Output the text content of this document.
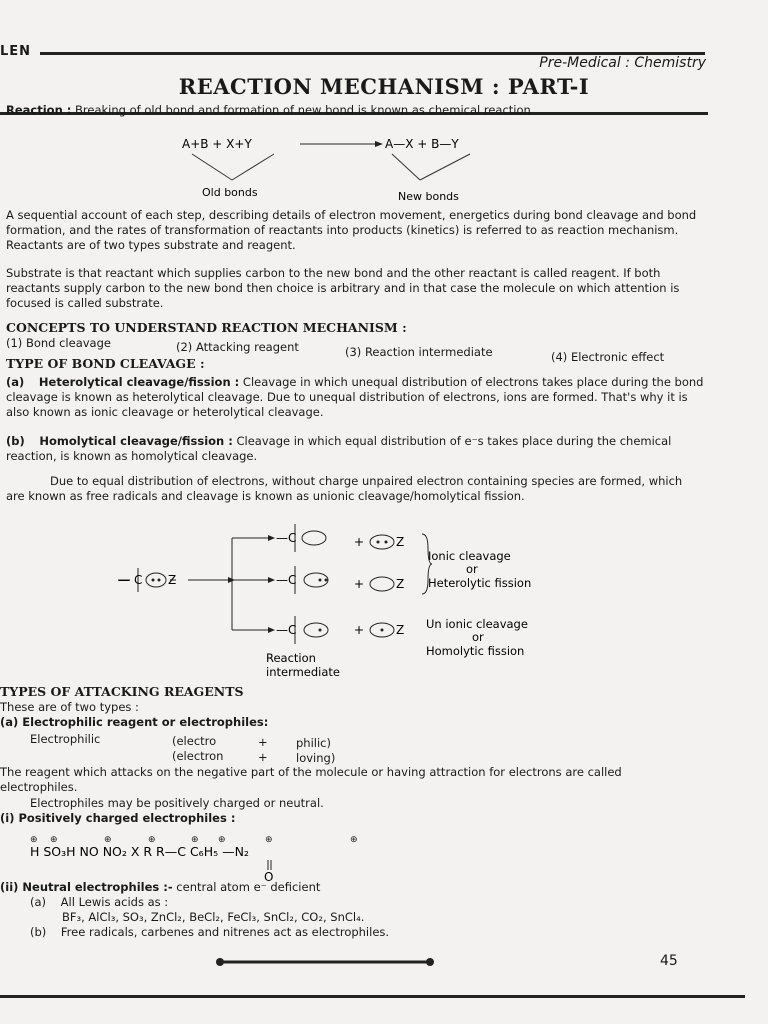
LEN
Pre-Medical : Chemistry
REACTION MECHANISM : PART-I
Reaction : Breaking of old bond and formation of new bond is known as chemical reaction
A+B + X+Y	A—X + B—Y
Old bonds	New bonds
A sequential account of each step, describing details of electron movement, energetics during bond cleavage and bond formation, and the rates of transformation of reactants into products (kinetics) is referred to as reaction mechanism. Reactants are of two types substrate and reagent.
Substrate is that reactant which supplies carbon to the new bond and the other reactant is called reagent. If both reactants supply carbon to the new bond then choice is arbitrary and in that case the molecule on which attention is focused is called substrate.
CONCEPTS TO UNDERSTAND REACTION MECHANISM :
(1) Bond cleavage	(2) Attacking reagent	(3) Reaction intermediate	(4) Electronic effect
TYPE OF BOND CLEAVAGE :
(a) Heterolytical cleavage/fission : Cleavage in which unequal distribution of electrons takes place during the bond cleavage is known as heterolytical cleavage. Due to unequal distribution of electrons, ions are formed. That's why it is also known as ionic cleavage or heterolytical cleavage.
(b) Homolytical cleavage/fission : Cleavage in which equal distribution of e⁻s takes place during the chemical reaction, is known as homolytical cleavage.
Due to equal distribution of electrons, without charge unpaired electron containing species are formed, which are known as free radicals and cleavage is known as unionic cleavage/homolytical fission.
— C Z
—C
—C
—C
+
+
+
Z
Z
Z
Ionic cleavage
or
Heterolytic fission
Un ionic cleavage
or
Homolytic fission
Reaction
intermediate
TYPES OF ATTACKING REAGENTS
These are of two types :
(a) Electrophilic reagent or electrophiles:
Electrophilic	(electro	+ philic)
(electron	+ loving)
The reagent which attacks on the negative part of the molecule or having attraction for electrons are called electrophiles.
Electrophiles may be positively charged or neutral.
(i) Positively charged electrophiles :
⊕ ⊕	⊕	⊕	⊕ ⊕	⊕	⊕
H SO₃H NO NO₂ X R R—C C₆H₅ —N₂
O
(ii) Neutral electrophiles :- central atom e⁻ deficient
(a) All Lewis acids as :
BF₃, AlCl₃, SO₃, ZnCl₂, BeCl₂, FeCl₃, SnCl₂, CO₂, SnCl₄.
(b) Free radicals, carbenes and nitrenes act as electrophiles.
45
